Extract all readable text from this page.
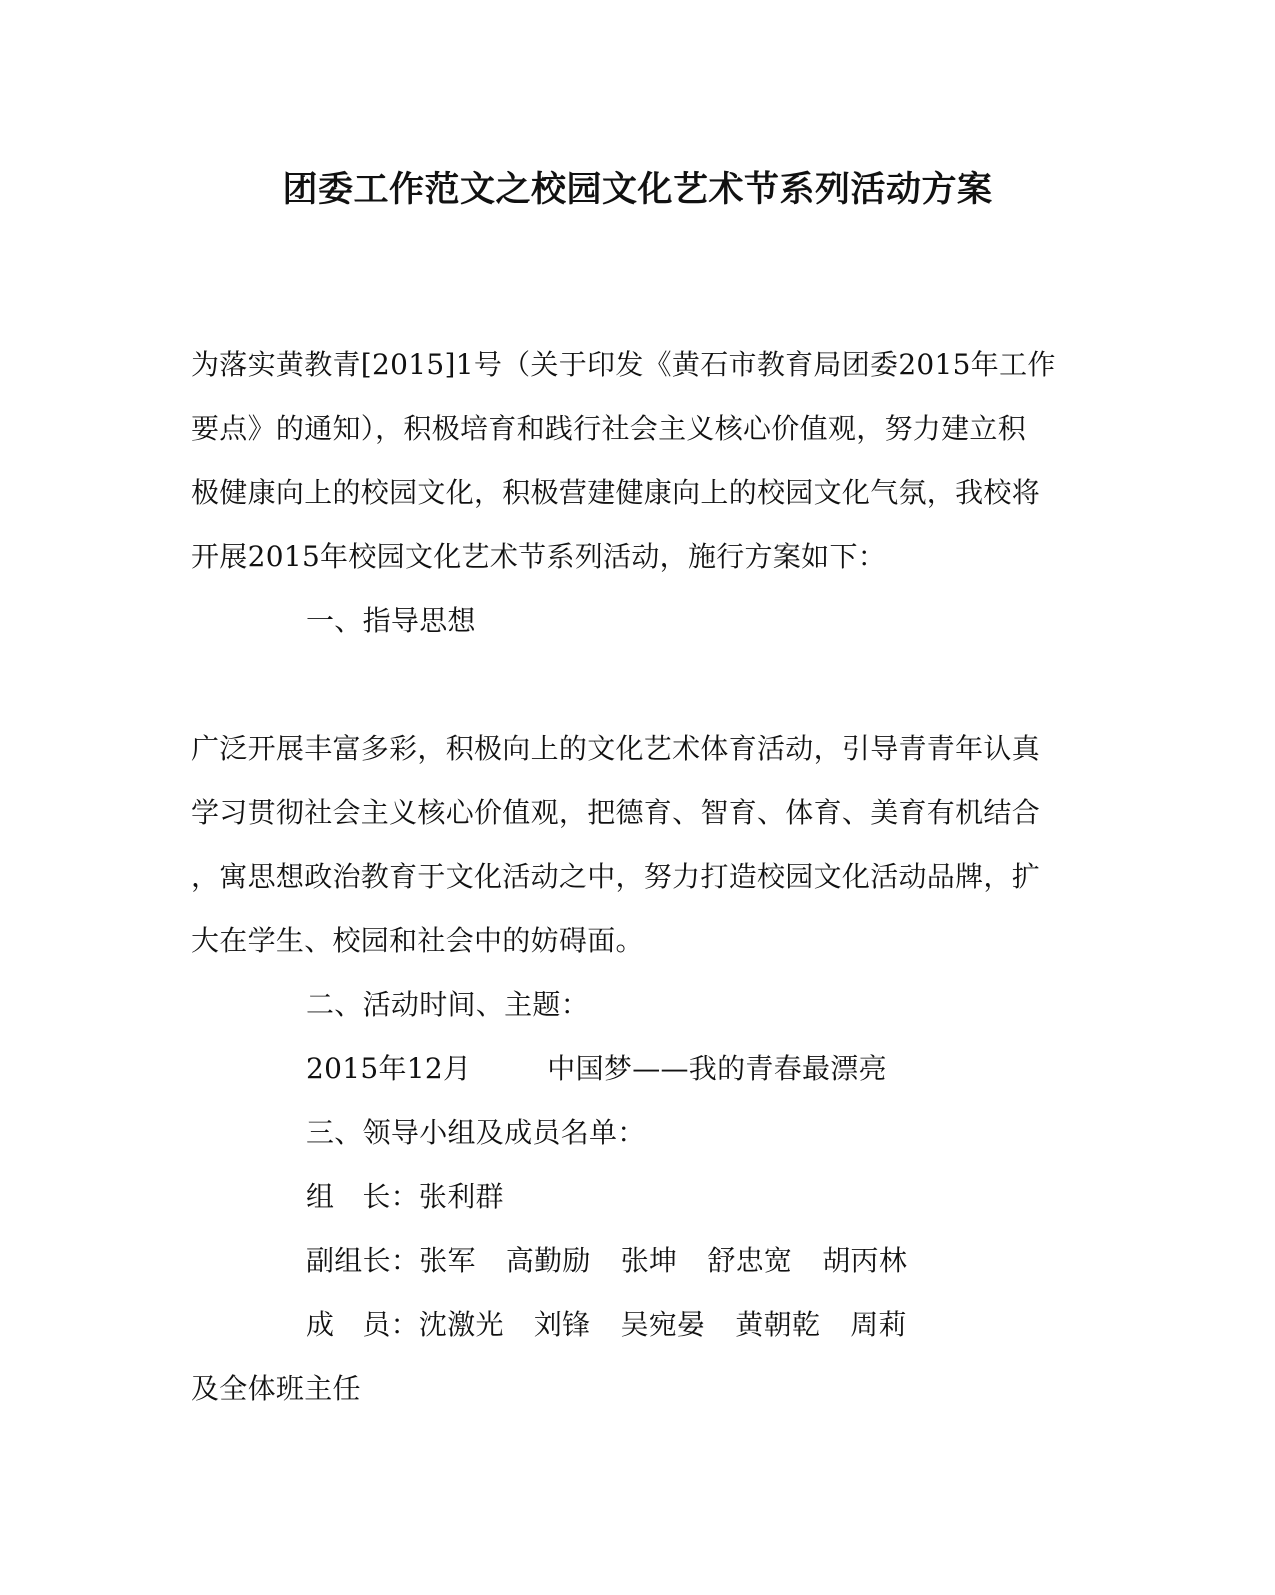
团委工作范文之校园文化艺术节系列活动方案
为落实黄教青[2015]1号（关于印发《黄石市教育局团委2015年工作
要点》的通知），积极培育和践行社会主义核心价值观，努力建立积
极健康向上的校园文化，积极营建健康向上的校园文化气氛，我校将
开展2015年校园文化艺术节系列活动，施行方案如下：
一、指导思想
广泛开展丰富多彩，积极向上的文化艺术体育活动，引导青青年认真
学习贯彻社会主义核心价值观，把德育、智育、体育、美育有机结合
，寓思想政治教育于文化活动之中，努力打造校园文化活动品牌，扩
大在学生、校园和社会中的妨碍面。
二、活动时间、主题：
2015年12月	中国梦——我的青春最漂亮
三、领导小组及成员名单：
组 长：张利群
副组长：张军 高勤励 张坤 舒忠宽 胡丙林
成 员：沈激光 刘锋 吴宛晏 黄朝乾 周莉
及全体班主任
